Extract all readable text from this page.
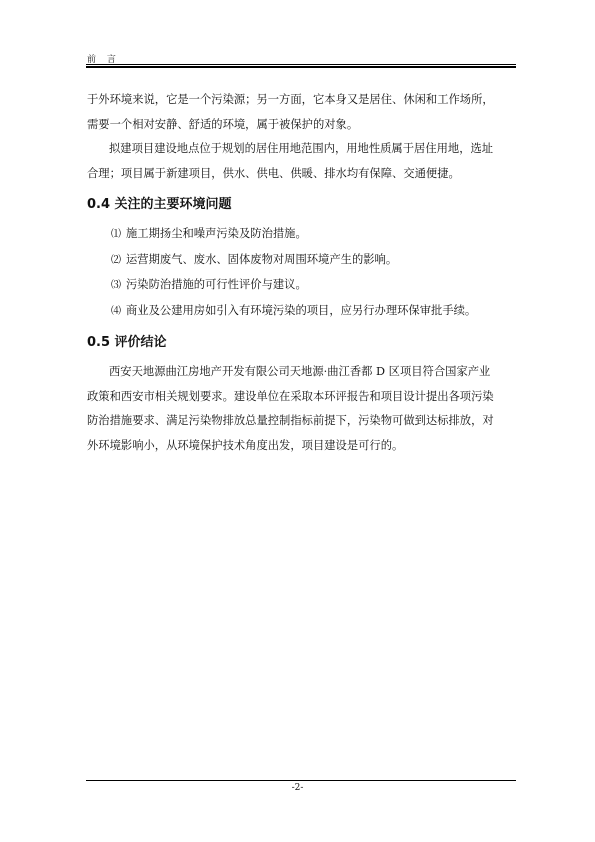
前 言

于外环境来说，它是一个污染源；另一方面，它本身又是居住、休闲和工作场所，

需要一个相对安静、舒适的环境，属于被保护的对象。

拟建项目建设地点位于规划的居住用地范围内，用地性质属于居住用地，选址

合理；项目属于新建项目，供水、供电、供暖、排水均有保障、交通便捷。

0.4 关注的主要环境问题

⑴ 施工期扬尘和噪声污染及防治措施。

⑵ 运营期废气、废水、固体废物对周围环境产生的影响。

⑶ 污染防治措施的可行性评价与建议。

⑷ 商业及公建用房如引入有环境污染的项目，应另行办理环保审批手续。

0.5 评价结论

西安天地源曲江房地产开发有限公司天地源·曲江香都 D 区项目符合国家产业

政策和西安市相关规划要求。建设单位在采取本环评报告和项目设计提出各项污染

防治措施要求、满足污染物排放总量控制指标前提下，污染物可做到达标排放，对

外环境影响小，从环境保护技术角度出发，项目建设是可行的。

-2-
